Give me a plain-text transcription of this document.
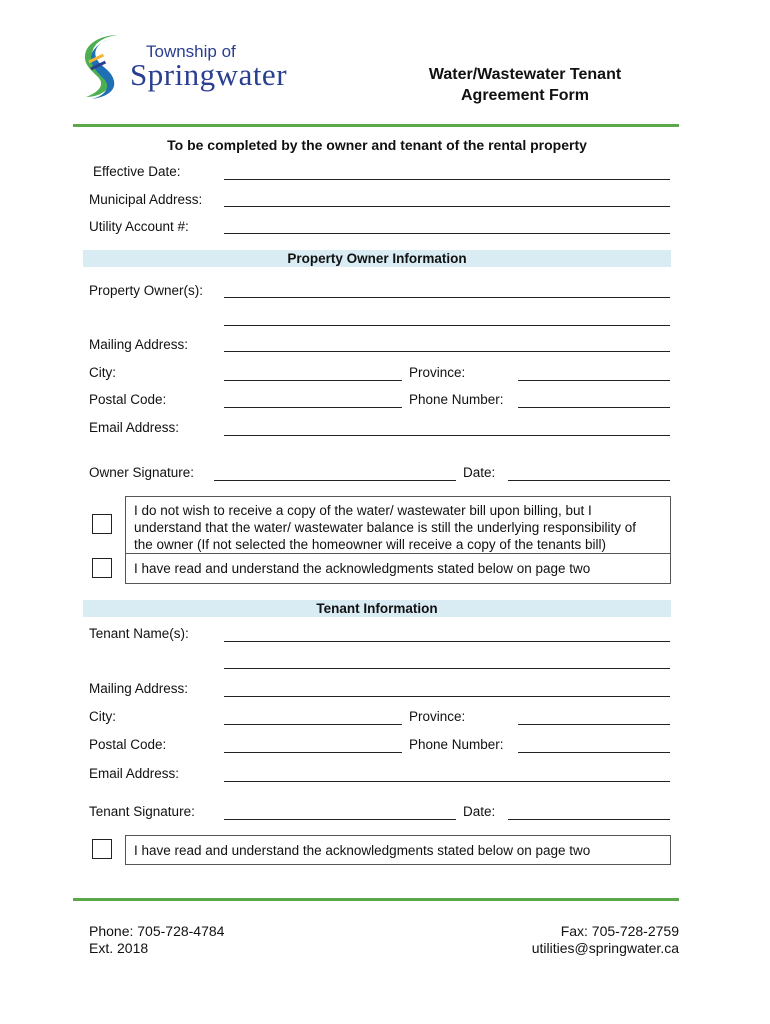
Township of
Springwater	Water/Wastewater Tenant
Agreement Form
To be completed by the owner and tenant of the rental property
Effective Date:
Municipal Address:
Utility Account #:
Property Owner Information
Property Owner(s):
Mailing Address:
City:	Province:
Postal Code:	Phone Number:
Email Address:
Owner Signature:	Date:
I do not wish to receive a copy of the water/ wastewater bill upon billing, but I
understand that the water/ wastewater balance is still the underlying responsibility of
the owner (If not selected the homeowner will receive a copy of the tenants bill)
I have read and understand the acknowledgments stated below on page two
Tenant Information
Tenant Name(s):
Mailing Address:
City:	Province:
Postal Code:	Phone Number:
Email Address:
Tenant Signature:	Date:
I have read and understand the acknowledgments stated below on page two
Phone: 705-728-4784
Ext. 2018
Fax: 705-728-2759
utilities@springwater.ca
